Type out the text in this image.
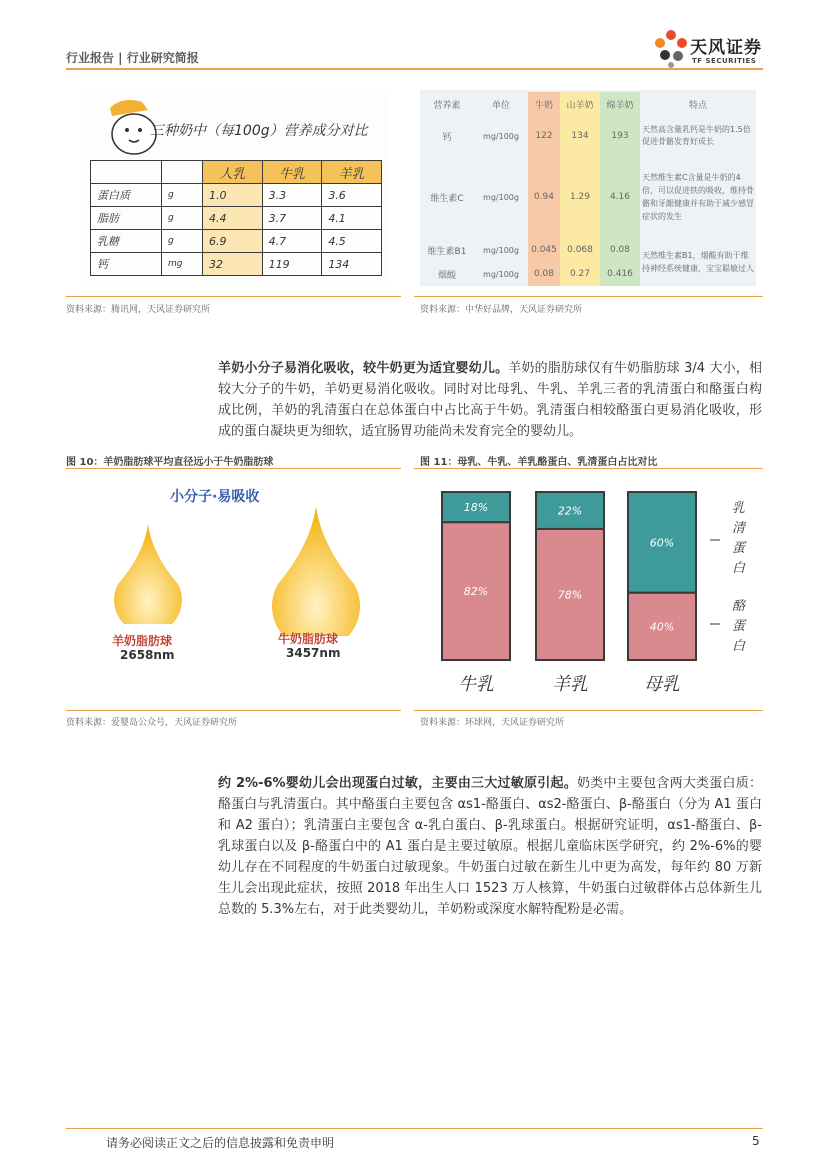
行业报告 | 行业研究简报	天风证券
TF SECURITIES
三种奶中（每100g）营养成分对比
		人乳	牛乳	羊乳
蛋白质	g	1.0	3.3	3.6
脂肪	g	4.4	3.7	4.1
乳糖	g	6.9	4.7	4.5
钙	mg	32	119	134
资料来源：腾讯网，天风证券研究所
营养素	单位	牛奶	山羊奶	绵羊奶	特点
钙	mg/100g	122	134	193	天然高含量乳钙是牛奶的1.5倍促进骨骼发育好成长
维生素C	mg/100g	0.94	1.29	4.16	天然维生素C含量是牛奶的4倍，可以促进铁的吸收，维持骨骼和牙龈健康并有助于减少感冒症状的发生
维生素B1	mg/100g	0.045	0.068	0.08	天然维生素B1，烟酸有助于维持神经系统健康，宝宝聪敏过人
烟酸	mg/100g	0.08	0.27	0.416	
资料来源：中华好品牌，天风证券研究所
羊奶小分子易消化吸收，较牛奶更为适宜婴幼儿。羊奶的脂肪球仅有牛奶脂肪球 3/4 大小，相较大分子的牛奶，羊奶更易消化吸收。同时对比母乳、牛乳、羊乳三者的乳清蛋白和酪蛋白构成比例，羊奶的乳清蛋白在总体蛋白中占比高于牛奶。乳清蛋白相较酪蛋白更易消化吸收，形成的蛋白凝块更为细软，适宜肠胃功能尚未发育完全的婴幼儿。
图 10：羊奶脂肪球平均直径远小于牛奶脂肪球
小分子·易吸收
羊奶脂肪球
2658nm
牛奶脂肪球
3457nm
资料来源：爱婴岛公众号，天风证券研究所
图 11：母乳、牛乳、羊乳酪蛋白、乳清蛋白占比对比
18%
82%
牛乳
22%
78%
羊乳
60%
40%
母乳
乳 清 蛋 白
酪 蛋 白
资料来源：环球网，天风证券研究所
约 2%-6%婴幼儿会出现蛋白过敏，主要由三大过敏原引起。奶类中主要包含两大类蛋白质：酪蛋白与乳清蛋白。其中酪蛋白主要包含 αs1-酪蛋白、αs2-酪蛋白、β-酪蛋白（分为 A1 蛋白和 A2 蛋白）；乳清蛋白主要包含 α-乳白蛋白、β-乳球蛋白。根据研究证明，αs1-酪蛋白、β-乳球蛋白以及 β-酪蛋白中的 A1 蛋白是主要过敏原。根据儿童临床医学研究，约 2%-6%的婴幼儿存在不同程度的牛奶蛋白过敏现象。牛奶蛋白过敏在新生儿中更为高发，每年约 80 万新生儿会出现此症状，按照 2018 年出生人口 1523 万人核算，牛奶蛋白过敏群体占总体新生儿总数的 5.3%左右，对于此类婴幼儿，羊奶粉或深度水解特配粉是必需。
请务必阅读正文之后的信息披露和免责申明	5
